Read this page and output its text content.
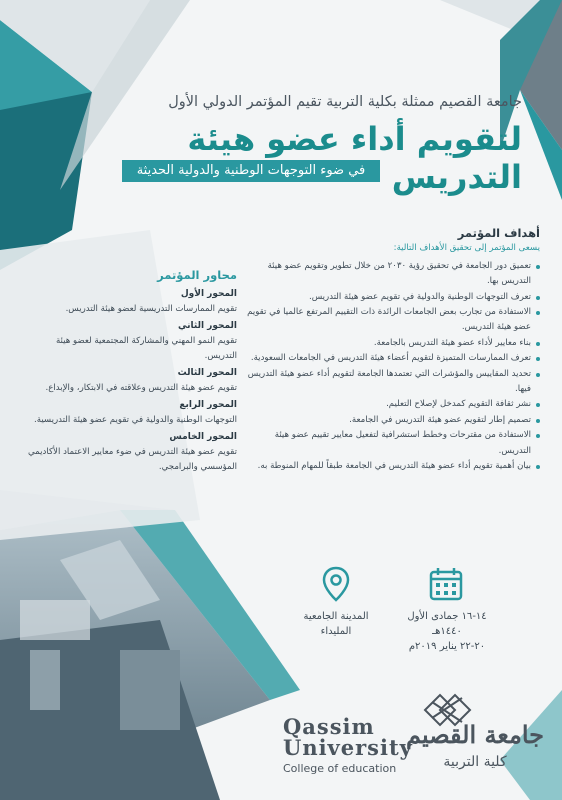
جامعة القصيم ممثلة بكلية التربية تقيم المؤتمر الدولي الأول
لتقويم أداء عضو هيئة التدريس
في ضوء التوجهات الوطنية والدولية الحديثة
أهداف المؤتمر
يسعى المؤتمر إلى تحقيق الأهداف التالية:
تعميق دور الجامعة في تحقيق رؤية ٢٠٣٠ من خلال تطوير وتقويم عضو هيئة التدريس بها.
تعرف التوجهات الوطنية والدولية في تقويم عضو هيئة التدريس.
الاستفادة من تجارب بعض الجامعات الرائدة ذات التقييم المرتفع عالميا في تقويم عضو هيئة التدريس.
بناء معايير لأداء عضو هيئة التدريس بالجامعة.
تعرف الممارسات المتميزة لتقويم أعضاء هيئة التدريس في الجامعات السعودية.
تحديد المقاييس والمؤشرات التي تعتمدها الجامعة لتقويم أداء عضو هيئة التدريس فيها.
نشر ثقافة التقويم كمدخل لإصلاح التعليم.
تصميم إطار لتقويم عضو هيئة التدريس في الجامعة.
الاستفادة من مقترحات وخطط استشرافية لتفعيل معايير تقييم عضو هيئة التدريس.
بيان أهمية تقويم أداء عضو هيئة التدريس في الجامعة طبقاً للمهام المنوطة به.
محاور المؤتمر
المحور الأول

تقويم الممارسات التدريسية لعضو هيئة التدريس.

المحور الثاني

تقويم النمو المهني والمشاركة المجتمعية لعضو هيئة التدريس.

المحور الثالث

تقويم عضو هيئة التدريس وعلاقته في الابتكار، والإبداع.

المحور الرابع

التوجهات الوطنية والدولية في تقويم عضو هيئة التدريسية.

المحور الخامس

تقويم عضو هيئة التدريس في ضوء معايير الاعتماد الأكاديمي المؤسسي والبرامجي.

١٤-١٦ جمادى الأول ١٤٤٠هـ
٢٠-٢٢ يناير ٢٠١٩م
المدينة الجامعية
المليداء
Qassim
University
College of education
جامعة القصيم
كلية التربية
